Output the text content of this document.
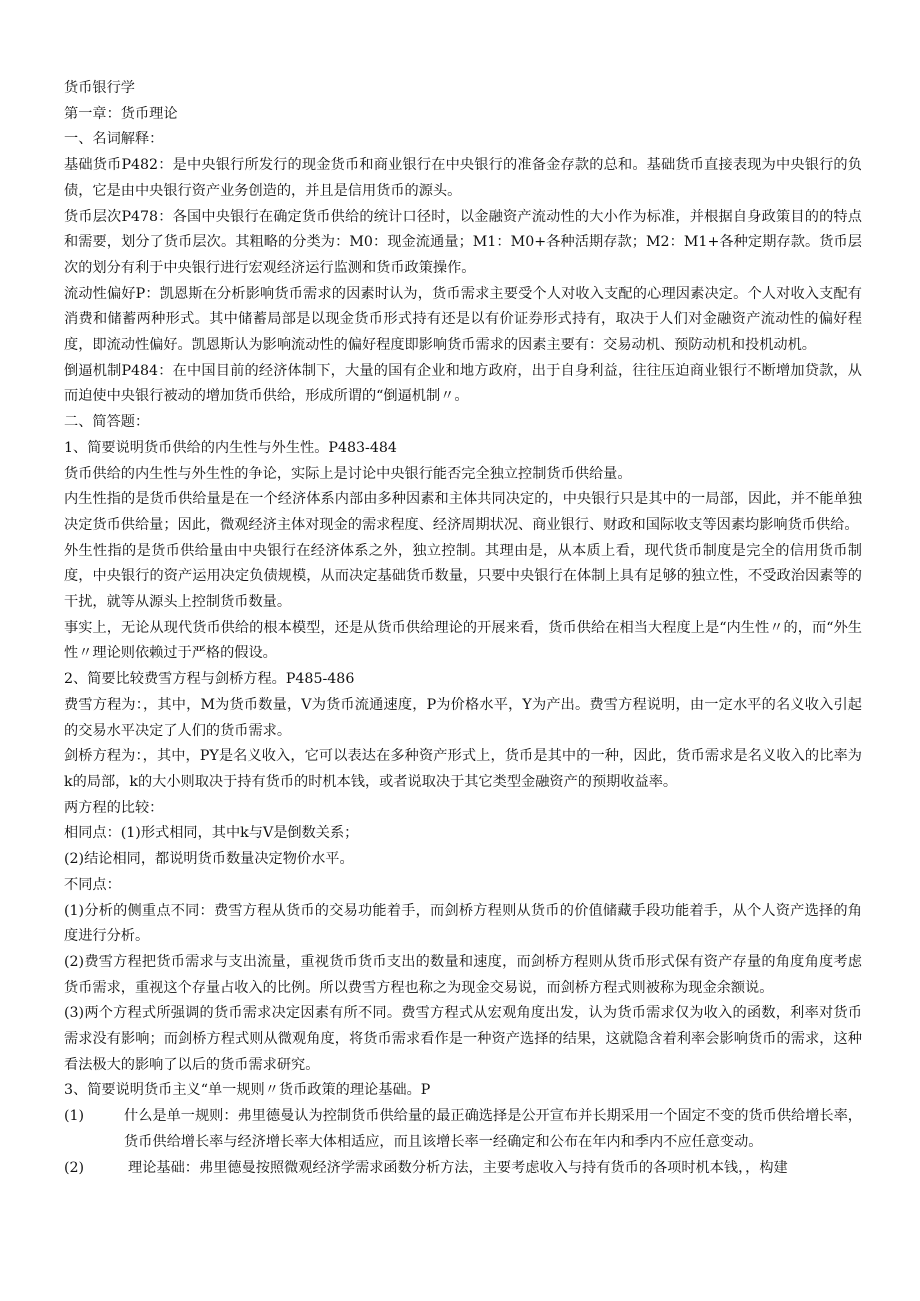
货币银行学

第一章：货币理论

一、名词解释：

基础货币P482：是中央银行所发行的现金货币和商业银行在中央银行的准备金存款的总和。基础货币直接表现为中央银行的负债，它是由中央银行资产业务创造的，并且是信用货币的源头。

货币层次P478：各国中央银行在确定货币供给的统计口径时，以金融资产流动性的大小作为标准，并根据自身政策目的的特点和需要，划分了货币层次。其粗略的分类为：M0：现金流通量；M1：M0+各种活期存款；M2：M1+各种定期存款。货币层次的划分有利于中央银行进行宏观经济运行监测和货币政策操作。

流动性偏好P：凯恩斯在分析影响货币需求的因素时认为，货币需求主要受个人对收入支配的心理因素决定。个人对收入支配有消费和储蓄两种形式。其中储蓄局部是以现金货币形式持有还是以有价证券形式持有，取决于人们对金融资产流动性的偏好程度，即流动性偏好。凯恩斯认为影响流动性的偏好程度即影响货币需求的因素主要有：交易动机、预防动机和投机动机。

倒逼机制P484：在中国目前的经济体制下，大量的国有企业和地方政府，出于自身利益，往往压迫商业银行不断增加贷款，从而迫使中央银行被动的增加货币供给，形成所谓的“倒逼机制〃。

二、简答题：

1、简要说明货币供给的内生性与外生性。P483-484

货币供给的内生性与外生性的争论，实际上是讨论中央银行能否完全独立控制货币供给量。

内生性指的是货币供给量是在一个经济体系内部由多种因素和主体共同决定的，中央银行只是其中的一局部，因此，并不能单独决定货币供给量；因此，微观经济主体对现金的需求程度、经济周期状况、商业银行、财政和国际收支等因素均影响货币供给。

外生性指的是货币供给量由中央银行在经济体系之外，独立控制。其理由是，从本质上看，现代货币制度是完全的信用货币制度，中央银行的资产运用决定负债规模，从而决定基础货币数量，只要中央银行在体制上具有足够的独立性，不受政治因素等的干扰，就等从源头上控制货币数量。

事实上，无论从现代货币供给的根本模型，还是从货币供给理论的开展来看，货币供给在相当大程度上是“内生性〃的，而“外生性〃理论则依赖过于严格的假设。

2、简要比较费雪方程与剑桥方程。P485-486

费雪方程为：，其中，M为货币数量，V为货币流通速度，P为价格水平，Y为产出。费雪方程说明，由一定水平的名义收入引起的交易水平决定了人们的货币需求。

剑桥方程为：，其中，PY是名义收入，它可以表达在多种资产形式上，货币是其中的一种，因此，货币需求是名义收入的比率为k的局部，k的大小则取决于持有货币的时机本钱，或者说取决于其它类型金融资产的预期收益率。

两方程的比较：

相同点：(1)形式相同，其中k与V是倒数关系；

(2)结论相同，都说明货币数量决定物价水平。

不同点：

(1)分析的侧重点不同：费雪方程从货币的交易功能着手，而剑桥方程则从货币的价值储藏手段功能着手，从个人资产选择的角度进行分析。

(2)费雪方程把货币需求与支出流量，重视货币货币支出的数量和速度，而剑桥方程则从货币形式保有资产存量的角度角度考虑货币需求，重视这个存量占收入的比例。所以费雪方程也称之为现金交易说，而剑桥方程式则被称为现金余额说。

(3)两个方程式所强调的货币需求决定因素有所不同。费雪方程式从宏观角度出发，认为货币需求仅为收入的函数，利率对货币需求没有影响；而剑桥方程式则从微观角度，将货币需求看作是一种资产选择的结果，这就隐含着利率会影响货币的需求，这种看法极大的影响了以后的货币需求研究。

3、简要说明货币主义“单一规则〃货币政策的理论基础。P

(1)	什么是单一规则：弗里德曼认为控制货币供给量的最正确选择是公开宣布并长期采用一个固定不变的货币供给增长率，货币供给增长率与经济增长率大体相适应，而且该增长率一经确定和公布在年内和季内不应任意变动。
(2)	理论基础：弗里德曼按照微观经济学需求函数分析方法，主要考虑收入与持有货币的各项时机本钱，，构建
